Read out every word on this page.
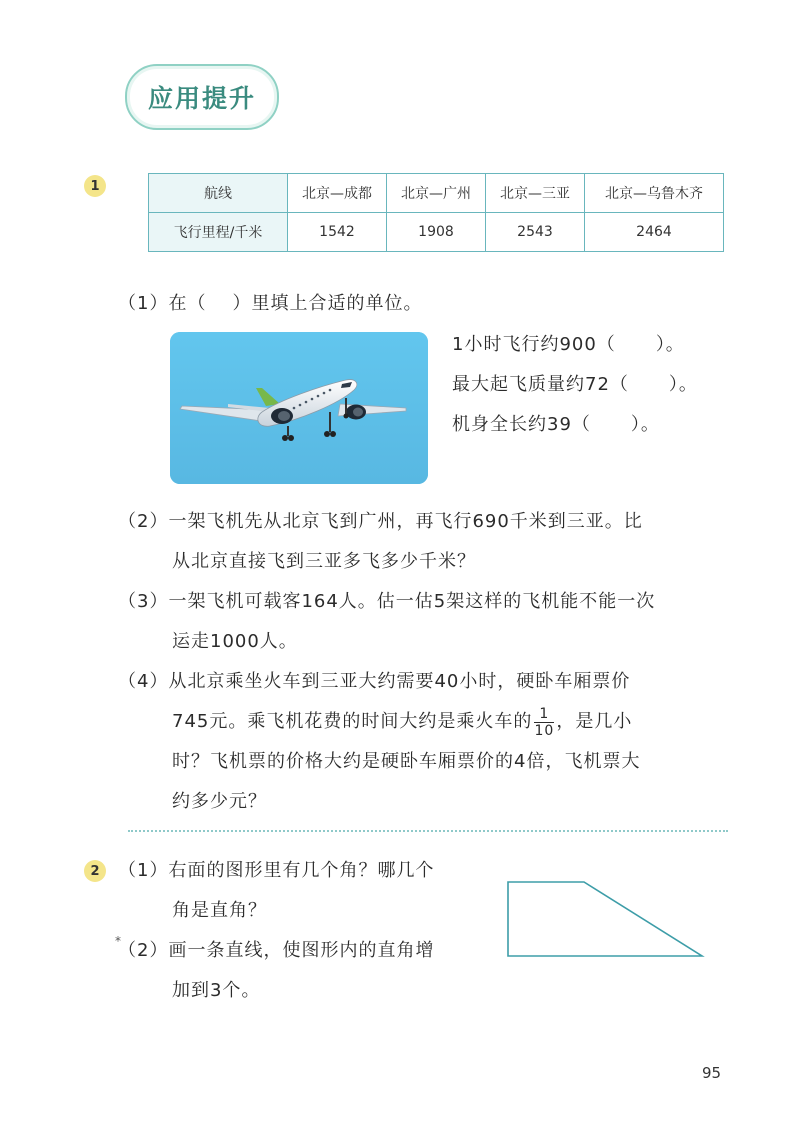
应用提升
1	航线	北京—成都	北京—广州	北京—三亚	北京—乌鲁木齐
飞行里程/千米	1542	1908	2543	2464
（1）在（ ）里填上合适的单位。
1小时飞行约900（ ）。
最大起飞质量约72（ ）。
机身全长约39（ ）。
（2）一架飞机先从北京飞到广州，再飞行690千米到三亚。比
从北京直接飞到三亚多飞多少千米？
（3）一架飞机可载客164人。估一估5架这样的飞机能不能一次
运走1000人。
（4）从北京乘坐火车到三亚大约需要40小时，硬卧车厢票价
745元。乘飞机花费的时间大约是乘火车的 $\frac{1}{10}$ ，是几小
时？飞机票的价格大约是硬卧车厢票价的4倍，飞机票大
约多少元？
2	（1）右面的图形里有几个角？哪几个
角是直角？
*
（2）画一条直线，使图形内的直角增
加到3个。
95
